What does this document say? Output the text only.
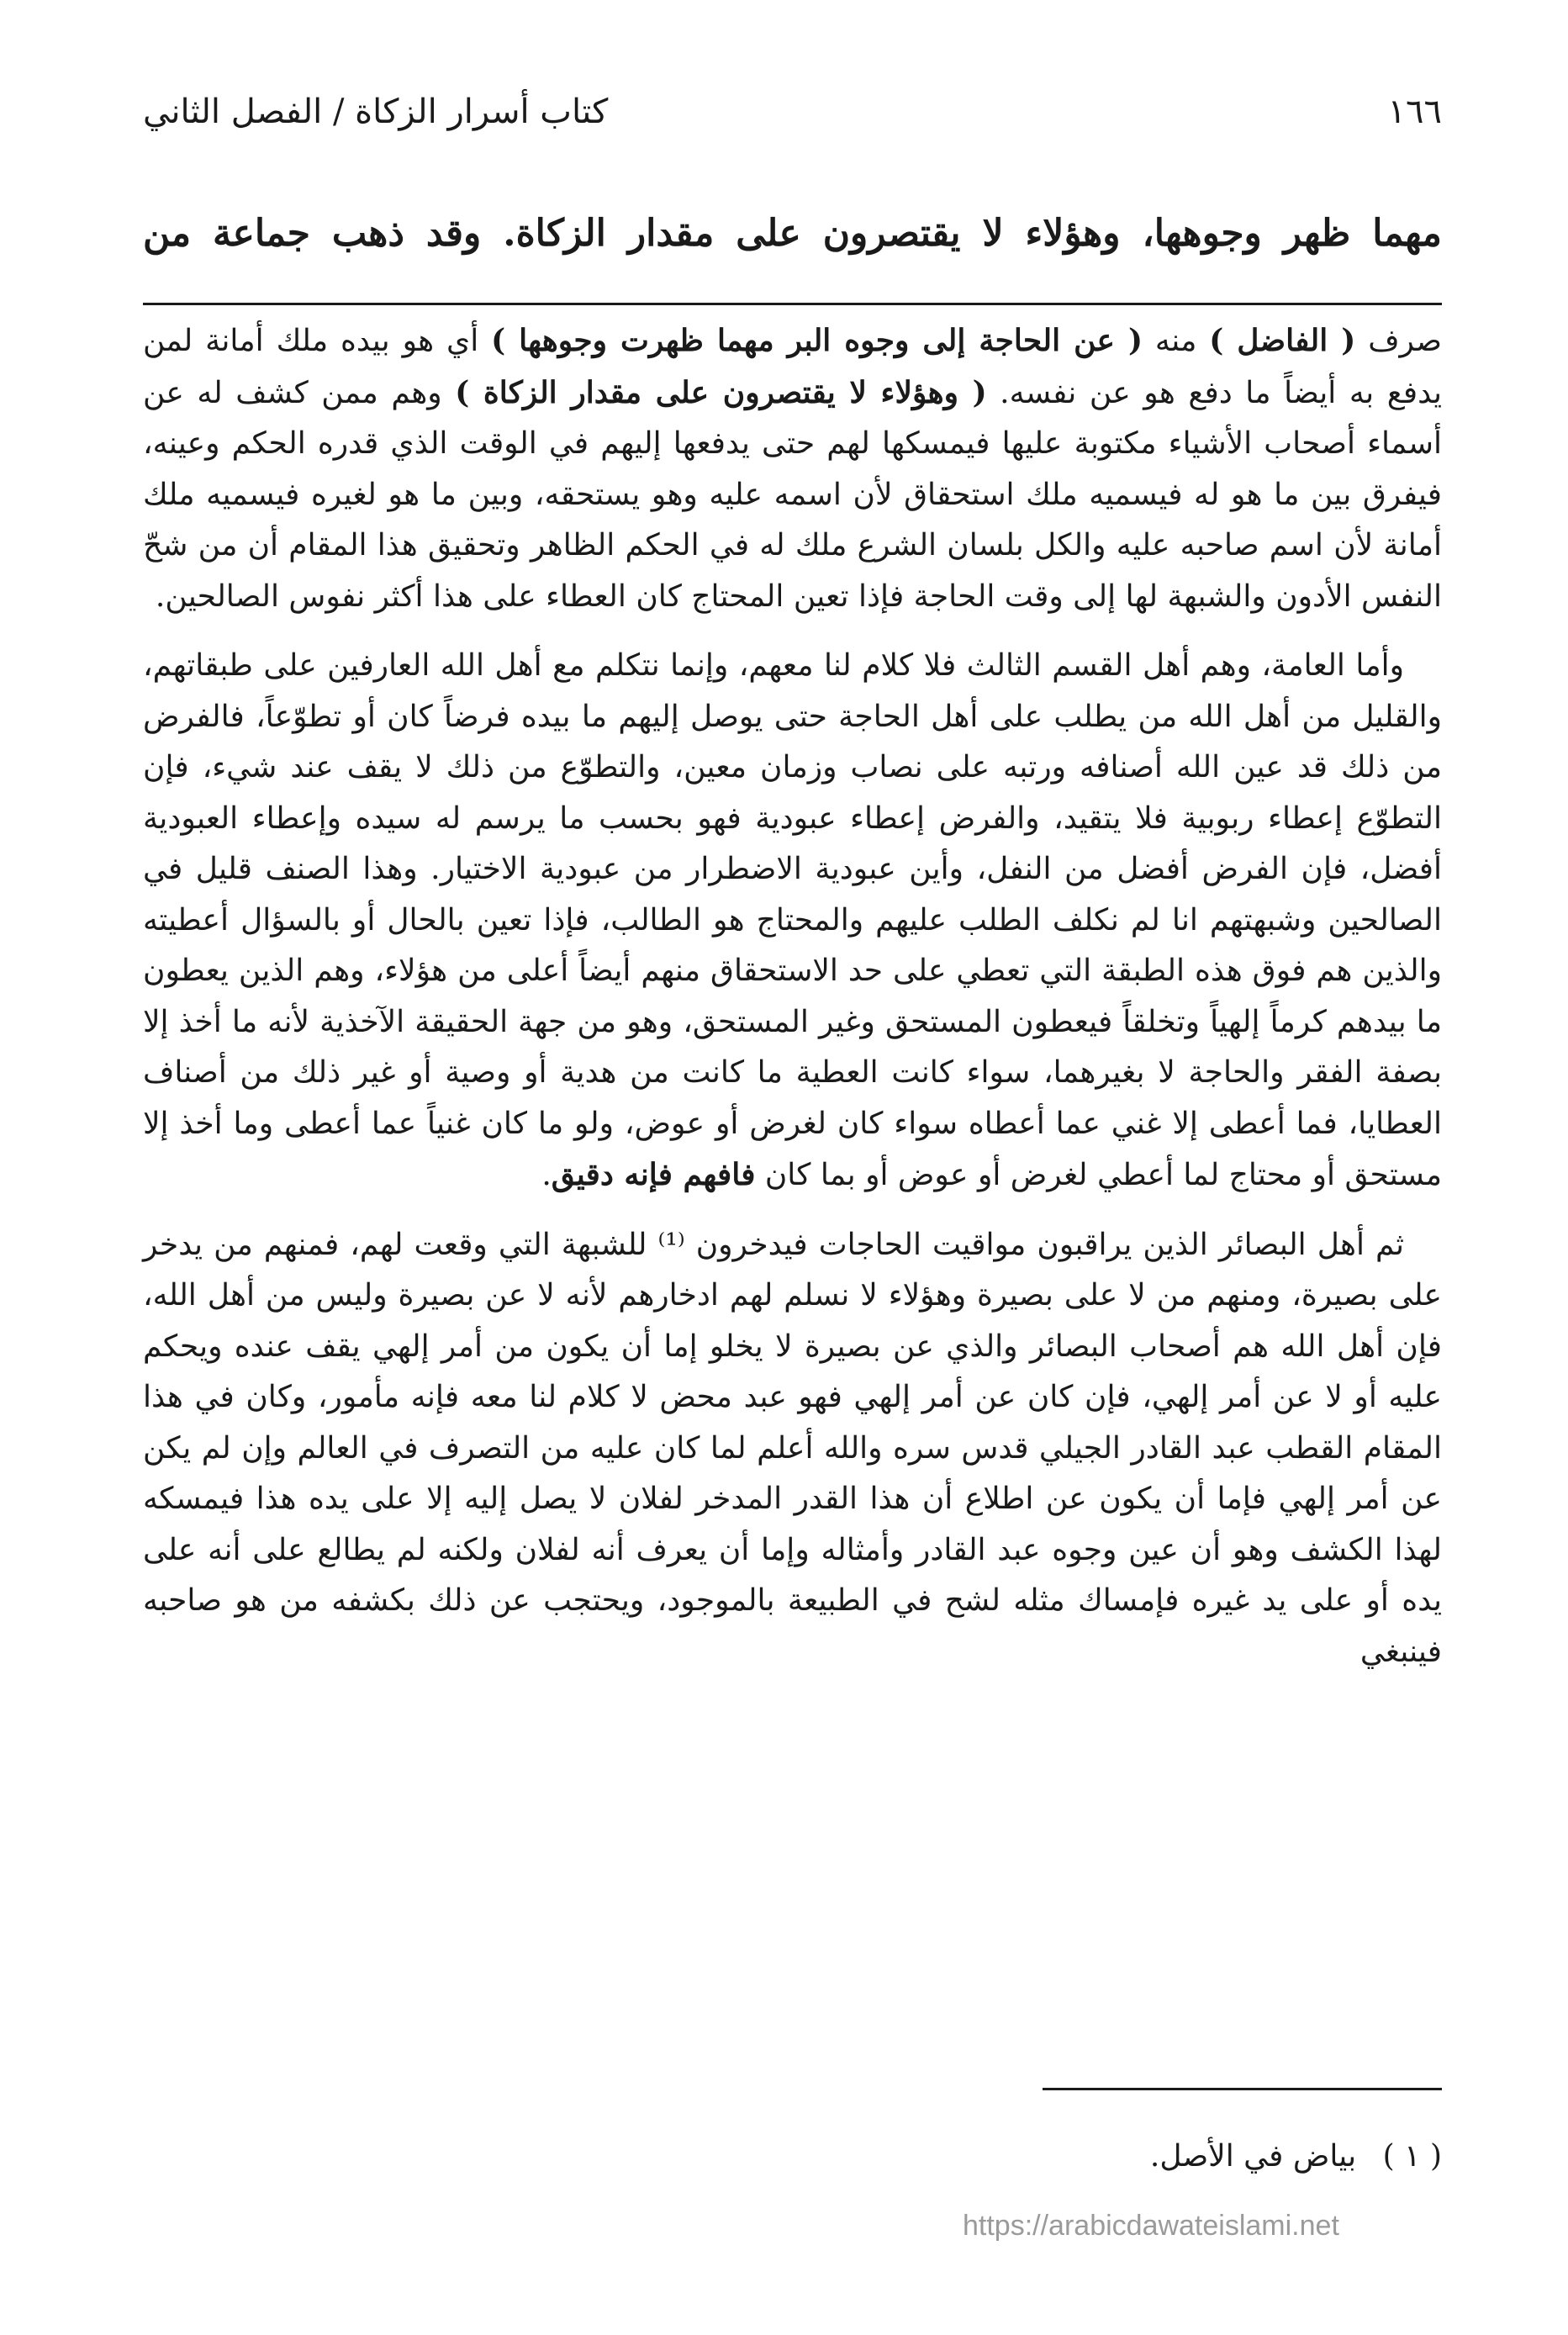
١٦٦
كتاب أسرار الزكاة / الفصل الثاني
مهما ظهر وجوهها، وهؤلاء لا يقتصرون على مقدار الزكاة. وقد ذهب جماعة من

صرف ( الفاضل ) منه ( عن الحاجة إلى وجوه البر مهما ظهرت وجوهها ) أي هو بيده ملك أمانة لمن يدفع به أيضاً ما دفع هو عن نفسه. ( وهؤلاء لا يقتصرون على مقدار الزكاة ) وهم ممن كشف له عن أسماء أصحاب الأشياء مكتوبة عليها فيمسكها لهم حتى يدفعها إليهم في الوقت الذي قدره الحكم وعينه، فيفرق بين ما هو له فيسميه ملك استحقاق لأن اسمه عليه وهو يستحقه، وبين ما هو لغيره فيسميه ملك أمانة لأن اسم صاحبه عليه والكل بلسان الشرع ملك له في الحكم الظاهر وتحقيق هذا المقام أن من شحّ النفس الأدون والشبهة لها إلى وقت الحاجة فإذا تعين المحتاج كان العطاء على هذا أكثر نفوس الصالحين.

وأما العامة، وهم أهل القسم الثالث فلا كلام لنا معهم، وإنما نتكلم مع أهل الله العارفين على طبقاتهم، والقليل من أهل الله من يطلب على أهل الحاجة حتى يوصل إليهم ما بيده فرضاً كان أو تطوّعاً، فالفرض من ذلك قد عين الله أصنافه ورتبه على نصاب وزمان معين، والتطوّع من ذلك لا يقف عند شيء، فإن التطوّع إعطاء ربوبية فلا يتقيد، والفرض إعطاء عبودية فهو بحسب ما يرسم له سيده وإعطاء العبودية أفضل، فإن الفرض أفضل من النفل، وأين عبودية الاضطرار من عبودية الاختيار. وهذا الصنف قليل في الصالحين وشبهتهم انا لم نكلف الطلب عليهم والمحتاج هو الطالب، فإذا تعين بالحال أو بالسؤال أعطيته والذين هم فوق هذه الطبقة التي تعطي على حد الاستحقاق منهم أيضاً أعلى من هؤلاء، وهم الذين يعطون ما بيدهم كرماً إلهياً وتخلقاً فيعطون المستحق وغير المستحق، وهو من جهة الحقيقة الآخذية لأنه ما أخذ إلا بصفة الفقر والحاجة لا بغيرهما، سواء كانت العطية ما كانت من هدية أو وصية أو غير ذلك من أصناف العطايا، فما أعطى إلا غني عما أعطاه سواء كان لغرض أو عوض، ولو ما كان غنياً عما أعطى وما أخذ إلا مستحق أو محتاج لما أعطي لغرض أو عوض أو بما كان فافهم فإنه دقيق.

ثم أهل البصائر الذين يراقبون مواقيت الحاجات فيدخرون ⁽¹⁾ للشبهة التي وقعت لهم، فمنهم من يدخر على بصيرة، ومنهم من لا على بصيرة وهؤلاء لا نسلم لهم ادخارهم لأنه لا عن بصيرة وليس من أهل الله، فإن أهل الله هم أصحاب البصائر والذي عن بصيرة لا يخلو إما أن يكون من أمر إلهي يقف عنده ويحكم عليه أو لا عن أمر إلهي، فإن كان عن أمر إلهي فهو عبد محض لا كلام لنا معه فإنه مأمور، وكان في هذا المقام القطب عبد القادر الجيلي قدس سره والله أعلم لما كان عليه من التصرف في العالم وإن لم يكن عن أمر إلهي فإما أن يكون عن اطلاع أن هذا القدر المدخر لفلان لا يصل إليه إلا على يده هذا فيمسكه لهذا الكشف وهو أن عين وجوه عبد القادر وأمثاله وإما أن يعرف أنه لفلان ولكنه لم يطالع على أنه على يده أو على يد غيره فإمساك مثله لشح في الطبيعة بالموجود، ويحتجب عن ذلك بكشفه من هو صاحبه فينبغي

( ١ ) بياض في الأصل.
https://arabicdawateislami.net
